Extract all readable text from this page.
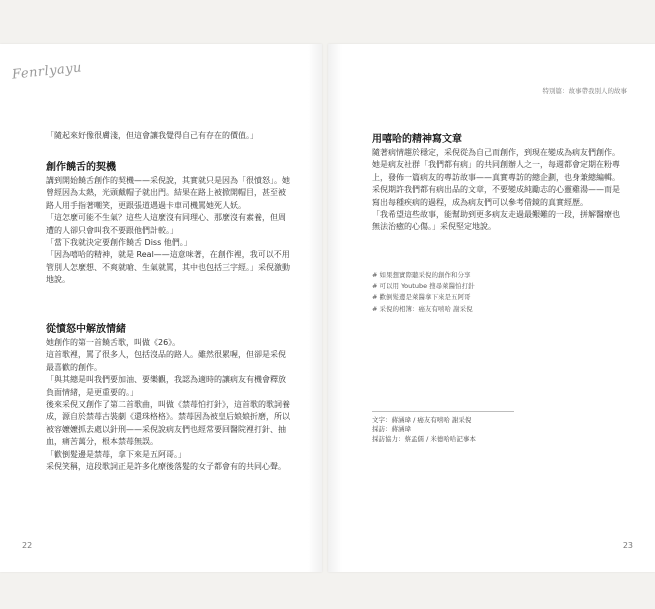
Fenrlyayu

「隨起來好像很膚淺，但這會讓我覺得自己有存在的價值。」

創作饒舌的契機

講到開始饒舌創作的契機——采倪說，其實就只是因為「很憤怒」。她曾經因為太熱，光頭戴帽子就出門。結果在路上被掀開帽目，甚至被路人用手指著嘲笑，更跟張道遇過卡車司機罵她死人妖。

「這怎麼可能不生氣？這些人這麼沒有同理心、那麼沒有素養，但周遭的人卻只會叫我不要跟他們計較。」

「當下我就決定要創作饒舌 Diss 他們。」

「因為嘻哈的精神，就是 Real——這意味著，在創作裡，我可以不用管別人怎麼想、不爽就嗆、生氣就罵，其中也包括三字經。」采倪激動地說。

從憤怒中解放情緒

她創作的第一首饒舌歌，叫做《26》。

這首歌裡，罵了很多人，包括沒品的路人。雖然很累喔，但卻是采倪最喜歡的創作。

「與其總是叫我們要加油、要樂觀，我認為適時的讓病友有機會釋放負面情緒，是更重要的。」

後來采倪又創作了第二首歌曲，叫做《禁苺怕打針》，這首歌的歌詞養成，源自於禁苺古裝劇《還珠格格》。禁苺因為被皇后娘娘折磨，所以被容嬤嬤抓去處以針刑——采倪說病友們也經常要回醫院裡打針、抽血，痛苦萬分，根本禁苺無誤。

「歡倒髮邊是禁苺，拿下來是五阿哥。」

采倪笑稱，這段歌詞正是許多化療後落髮的女子都會有的共同心聲。

22
特別篇：故事帶我別人的故事
用嘻哈的精神寫文章

隨著病情趨於穩定，采倪從為自己而創作，到現在變成為病友們創作。她是病友社群「我們都有病」的共同創辦人之一，每週都會定期在粉專上，發佈一篇病友的專訪故事——真實專訪的總企劃，也身兼總編輯。

采倪期許我們都有病出品的文章，不要變成純勵志的心靈雞湯——而是寫出每種疾病的過程，成為病友們可以參考借鏡的真實經歷。

「我希望這些故事，能幫助到更多病友走過最艱難的一段，拼解醫療也無法治癒的心傷。」采倪堅定地說。

# 如果想實際聽采倪的創作和分享
# 可以用 Youtube 搜尋萊醫怕打針
# 歡倒髮邊是萊醫拿下來是五阿哥
# 采倪的相簿：癌友有嘻哈 謝采倪
文字：蔣涵瑋 / 癌友有嘻哈 謝采倪
採訪：蔣涵瑋
採訪協力：蔡孟儒 / 米德哈哈記事本
23
